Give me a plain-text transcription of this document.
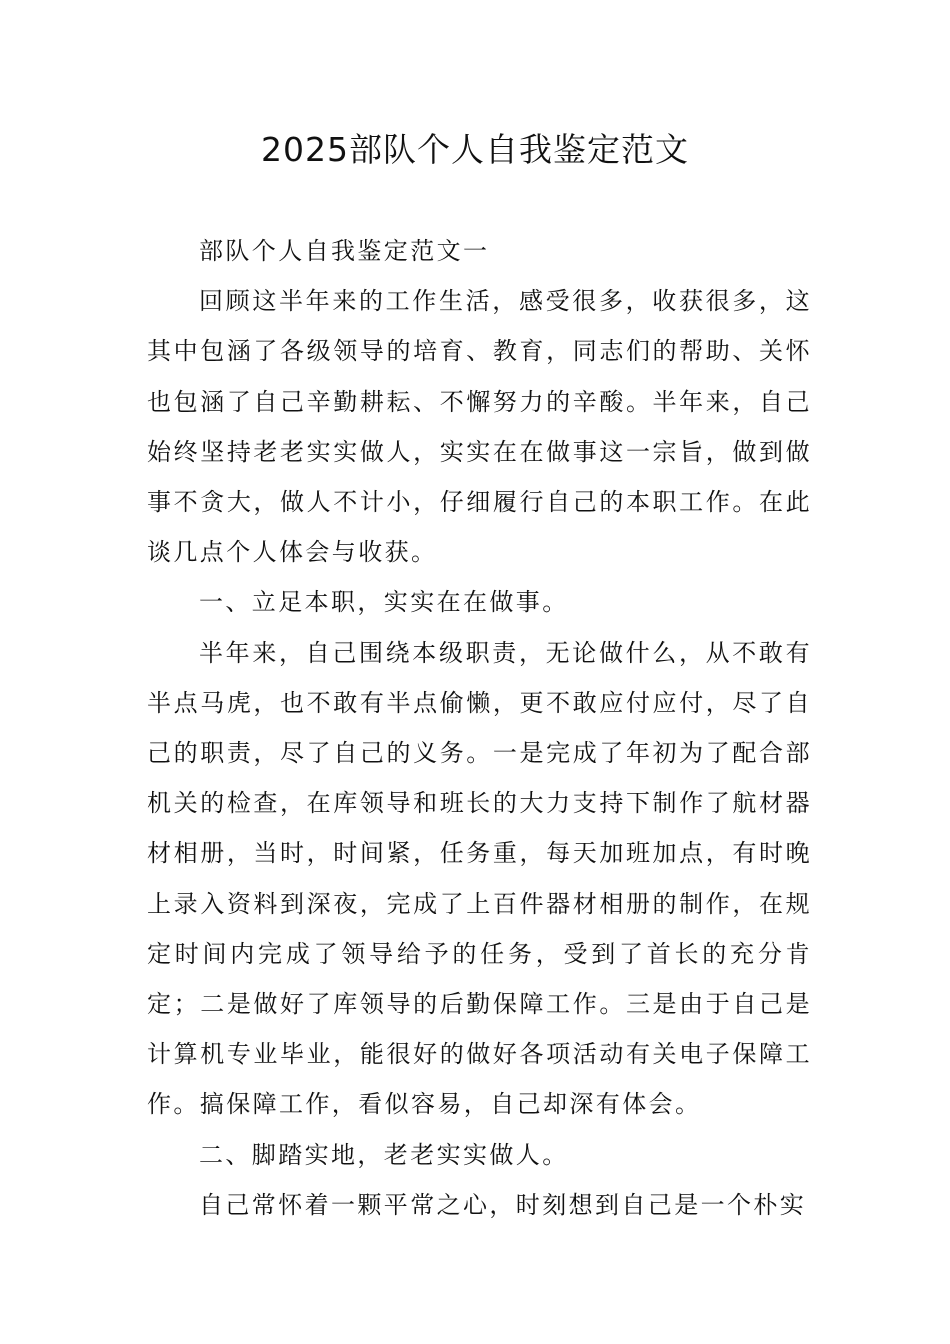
2025部队个人自我鉴定范文

部队个人自我鉴定范文一

回顾这半年来的工作生活，感受很多，收获很多，这其中包涵了各级领导的培育、教育，同志们的帮助、关怀也包涵了自己辛勤耕耘、不懈努力的辛酸。半年来，自己始终坚持老老实实做人，实实在在做事这一宗旨，做到做事不贪大，做人不计小，仔细履行自己的本职工作。在此谈几点个人体会与收获。

一、立足本职，实实在在做事。

半年来，自己围绕本级职责，无论做什么，从不敢有半点马虎，也不敢有半点偷懒，更不敢应付应付，尽了自己的职责，尽了自己的义务。一是完成了年初为了配合部机关的检查，在库领导和班长的大力支持下制作了航材器材相册，当时，时间紧，任务重，每天加班加点，有时晚上录入资料到深夜，完成了上百件器材相册的制作，在规定时间内完成了领导给予的任务，受到了首长的充分肯定；二是做好了库领导的后勤保障工作。三是由于自己是计算机专业毕业，能很好的做好各项活动有关电子保障工作。搞保障工作，看似容易，自己却深有体会。

二、脚踏实地，老老实实做人。

自己常怀着一颗平常之心，时刻想到自己是一个朴实
